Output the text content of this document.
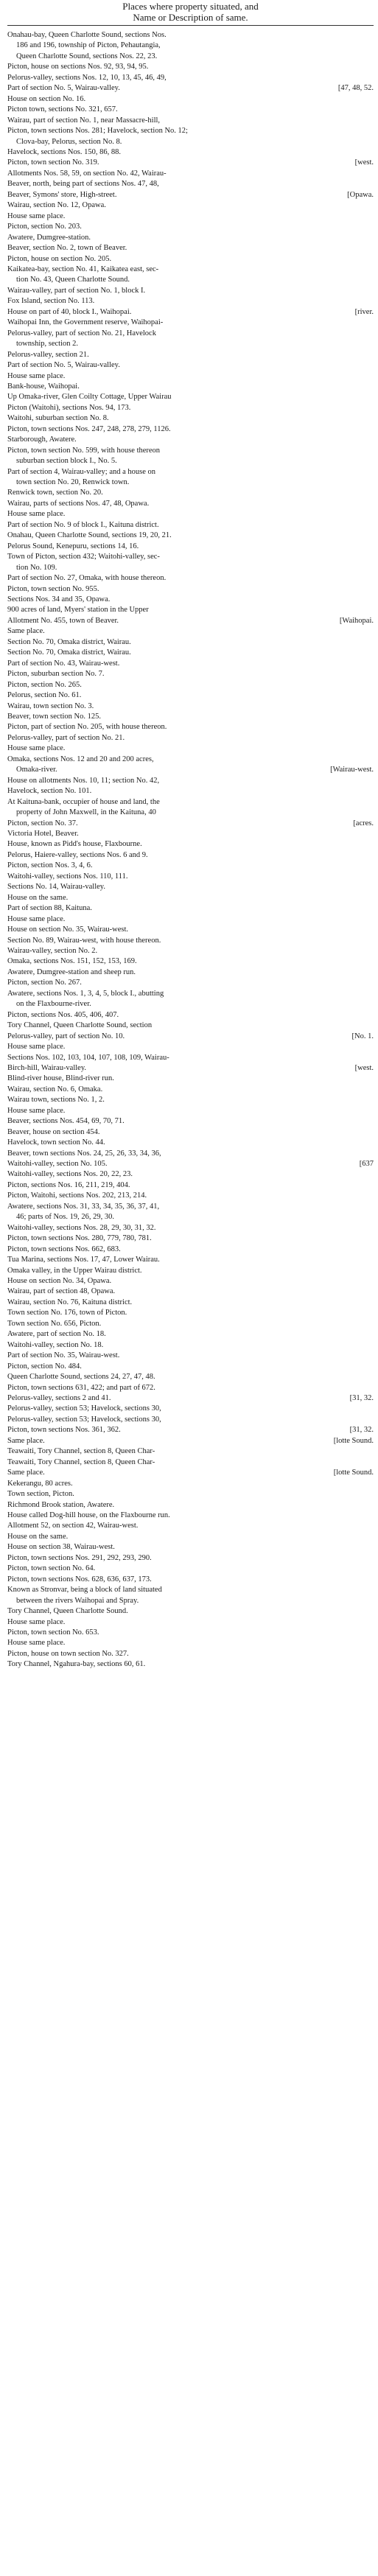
Places where property situated, and
Name or Description of same.
Onahau-bay, Queen Charlotte Sound, sections Nos.
186 and 196, township of Picton, Pehautangia,
Queen Charlotte Sound, sections Nos. 22, 23.
Picton, house on sections Nos. 92, 93, 94, 95.
Pelorus-valley, sections Nos. 12, 10, 13, 45, 46, 49,
Part of section No. 5, Wairau-valley.	[47, 48, 52.
House on section No. 16.
Picton town, sections No. 321, 657.
Wairau, part of section No. 1, near Massacre-hill,
Picton, town sections Nos. 281; Havelock, section No. 12;
Clova-bay, Pelorus, section No. 8.
Havelock, sections Nos. 150, 86, 88.
Picton, town section No. 319.	[west.
Allotments Nos. 58, 59, on section No. 42, Wairau-
Beaver, north, being part of sections Nos. 47, 48,
Beaver, Symons' store, High-street.	[Opawa.
Wairau, section No. 12, Opawa.
House same place.
Picton, section No. 203.
Awatere, Dumgree-station.
Beaver, section No. 2, town of Beaver.
Picton, house on section No. 205.
Kaikatea-bay, section No. 41, Kaikatea east, sec-
tion No. 43, Queen Charlotte Sound.
Wairau-valley, part of section No. 1, block I.
Fox Island, section No. 113.
House on part of 40, block I., Waihopai.	[river.
Waihopai Inn, the Government reserve, Waihopai-
Pelorus-valley, part of section No. 21, Havelock
township, section 2.
Pelorus-valley, section 21.
Part of section No. 5, Wairau-valley.
House same place.
Bank-house, Waihopai.
Up Omaka-river, Glen Coilty Cottage, Upper Wairau
Picton (Waitohi), sections Nos. 94, 173.
Waitohi, suburban section No. 8.
Picton, town sections Nos. 247, 248, 278, 279, 1126.
Starborough, Awatere.
Picton, town section No. 599, with house thereon
suburban section block I., No. 5.
Part of section 4, Wairau-valley; and a house on
town section No. 20, Renwick town.
Renwick town, section No. 20.
Wairau, parts of sections Nos. 47, 48, Opawa.
House same place.
Part of section No. 9 of block I., Kaituna district.
Onahau, Queen Charlotte Sound, sections 19, 20, 21.
Pelorus Sound, Kenepuru, sections 14, 16.
Town of Picton, section 432; Waitohi-valley, sec-
tion No. 109.
Part of section No. 27, Omaka, with house thereon.
Picton, town section No. 955.
Sections Nos. 34 and 35, Opawa.
900 acres of land, Myers' station in the Upper
Allotment No. 455, town of Beaver.	[Waihopai.
Same place.
Section No. 70, Omaka district, Wairau.
Section No. 70, Omaka district, Wairau.
Part of section No. 43, Wairau-west.
Picton, suburban section No. 7.
Picton, section No. 265.
Pelorus, section No. 61.
Wairau, town section No. 3.
Beaver, town section No. 125.
Picton, part of section No. 205, with house thereon.
Pelorus-valley, part of section No. 21.
House same place.
Omaka, sections Nos. 12 and 20 and 200 acres,
Omaka-river.	[Wairau-west.
House on allotments Nos. 10, 11; section No. 42,
Havelock, section No. 101.
At Kaituna-bank, occupier of house and land, the
property of John Maxwell, in the Kaituna, 40
Picton, section No. 37.	[acres.
Victoria Hotel, Beaver.
House, known as Pidd's house, Flaxbourne.
Pelorus, Haiere-valley, sections Nos. 6 and 9.
Picton, section Nos. 3, 4, 6.
Waitohi-valley, sections Nos. 110, 111.
Sections No. 14, Wairau-valley.
House on the same.
Part of section 88, Kaituna.
House same place.
House on section No. 35, Wairau-west.
Section No. 89, Wairau-west, with house thereon.
Wairau-valley, section No. 2.
Omaka, sections Nos. 151, 152, 153, 169.
Awatere, Dumgree-station and sheep run.
Picton, section No. 267.
Awatere, sections Nos. 1, 3, 4, 5, block I., abutting
on the Flaxbourne-river.
Picton, sections Nos. 405, 406, 407.
Tory Channel, Queen Charlotte Sound, section
Pelorus-valley, part of section No. 10.	[No. 1.
House same place.
Sections Nos. 102, 103, 104, 107, 108, 109, Wairau-
Birch-hill, Wairau-valley.	[west.
Blind-river house, Blind-river run.
Wairau, section No. 6, Omaka.
Wairau town, sections No. 1, 2.
House same place.
Beaver, sections Nos. 454, 69, 70, 71.
Beaver, house on section 454.
Havelock, town section No. 44.
Beaver, town sections Nos. 24, 25, 26, 33, 34, 36,
Waitohi-valley, section No. 105.	[637
Waitohi-valley, sections Nos. 20, 22, 23.
Picton, sections Nos. 16, 211, 219, 404.
Picton, Waitohi, sections Nos. 202, 213, 214.
Awatere, sections Nos. 31, 33, 34, 35, 36, 37, 41,
46; parts of Nos. 19, 26, 29, 30.
Waitohi-valley, sections Nos. 28, 29, 30, 31, 32.
Picton, town sections Nos. 280, 779, 780, 781.
Picton, town sections Nos. 662, 683.
Tua Marina, sections Nos. 17, 47, Lower Wairau.
Omaka valley, in the Upper Wairau district.
House on section No. 34, Opawa.
Wairau, part of section 48, Opawa.
Wairau, section No. 76, Kaituna district.
Town section No. 176, town of Picton.
Town section No. 656, Picton.
Awatere, part of section No. 18.
Waitohi-valley, section No. 18.
Part of section No. 35, Wairau-west.
Picton, section No. 484.
Queen Charlotte Sound, sections 24, 27, 47, 48.
Picton, town sections 631, 422; and part of 672.
Pelorus-valley, sections 2 and 41.	[31, 32.
Pelorus-valley, section 53; Havelock, sections 30,
Pelorus-valley, section 53; Havelock, sections 30,
Picton, town sections Nos. 361, 362.	[31, 32.
Same place.	[lotte Sound.
Teawaiti, Tory Channel, section 8, Queen Char-
Teawaiti, Tory Channel, section 8, Queen Char-
Same place.	[lotte Sound.
Kekerangu, 80 acres.
Town section, Picton.
Richmond Brook station, Awatere.
House called Dog-hill house, on the Flaxbourne run.
Allotment 52, on section 42, Wairau-west.
House on the same.
House on section 38, Wairau-west.
Picton, town sections Nos. 291, 292, 293, 290.
Picton, town section No. 64.
Picton, town sections Nos. 628, 636, 637, 173.
Known as Stronvar, being a block of land situated
between the rivers Waihopai and Spray.
Tory Channel, Queen Charlotte Sound.
House same place.
Picton, town section No. 653.
House same place.
Picton, house on town section No. 327.
Tory Channel, Ngahura-bay, sections 60, 61.
